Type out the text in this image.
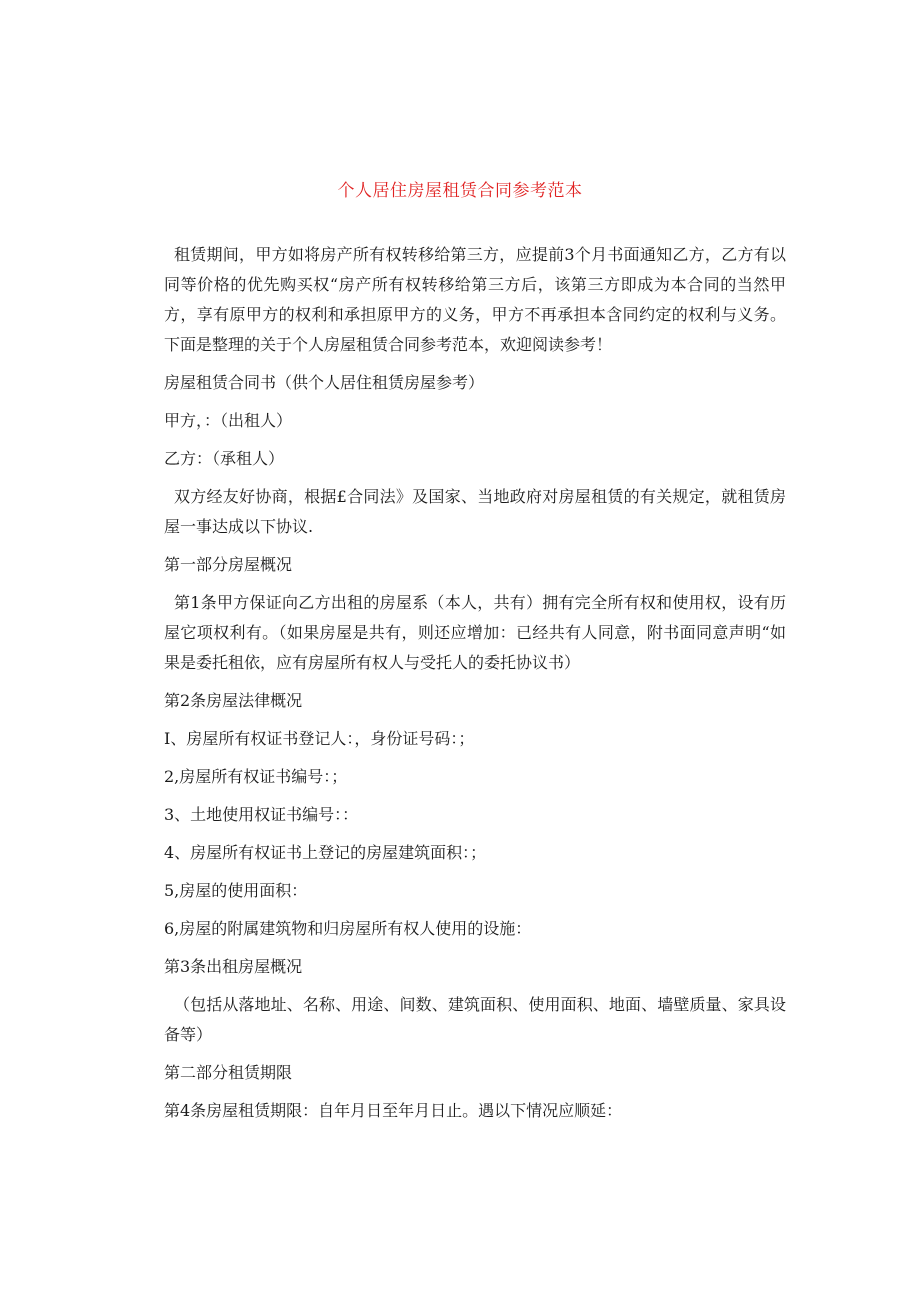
个人居住房屋租赁合同参考范本

租赁期间，甲方如将房产所有权转移给第三方，应提前3个月书面通知乙方，乙方有以同等价格的优先购买权“房产所有权转移给第三方后，该第三方即成为本合同的当然甲方，享有原甲方的权利和承担原甲方的义务，甲方不再承担本含同约定的权利与义务。下面是整理的关于个人房屋租赁合同参考范本，欢迎阅读参考！

房屋租赁合同书（供个人居住租赁房屋参考）

甲方，：（出租人）

乙方：（承租人）

双方经友好协商，根据£合同法》及国家、当地政府对房屋租赁的有关规定，就租赁房屋一事达成以下协议.

第一部分房屋概况

第1条甲方保证向乙方出租的房屋系（本人，共有）拥有完全所有权和使用权，设有历屋它项权利有。（如果房屋是共有，则还应增加：已经共有人同意，附书面同意声明“如果是委托租依，应有房屋所有权人与受托人的委托协议书）

第2条房屋法律概况

I、房屋所有权证书登记人：，身份证号码：；

2,房屋所有权证书编号：；

3、土地使用权证书编号：：

4、房屋所有权证书上登记的房屋建筑面积：；

5,房屋的使用面积：

6,房屋的附属建筑物和归房屋所有权人使用的设施：

第3条出租房屋概况

（包括从落地址、名称、用途、间数、建筑面积、使用面积、地面、墙壁质量、家具设备等）

第二部分租赁期限

第4条房屋租赁期限：自年月日至年月日止。遇以下情况应顺延：
